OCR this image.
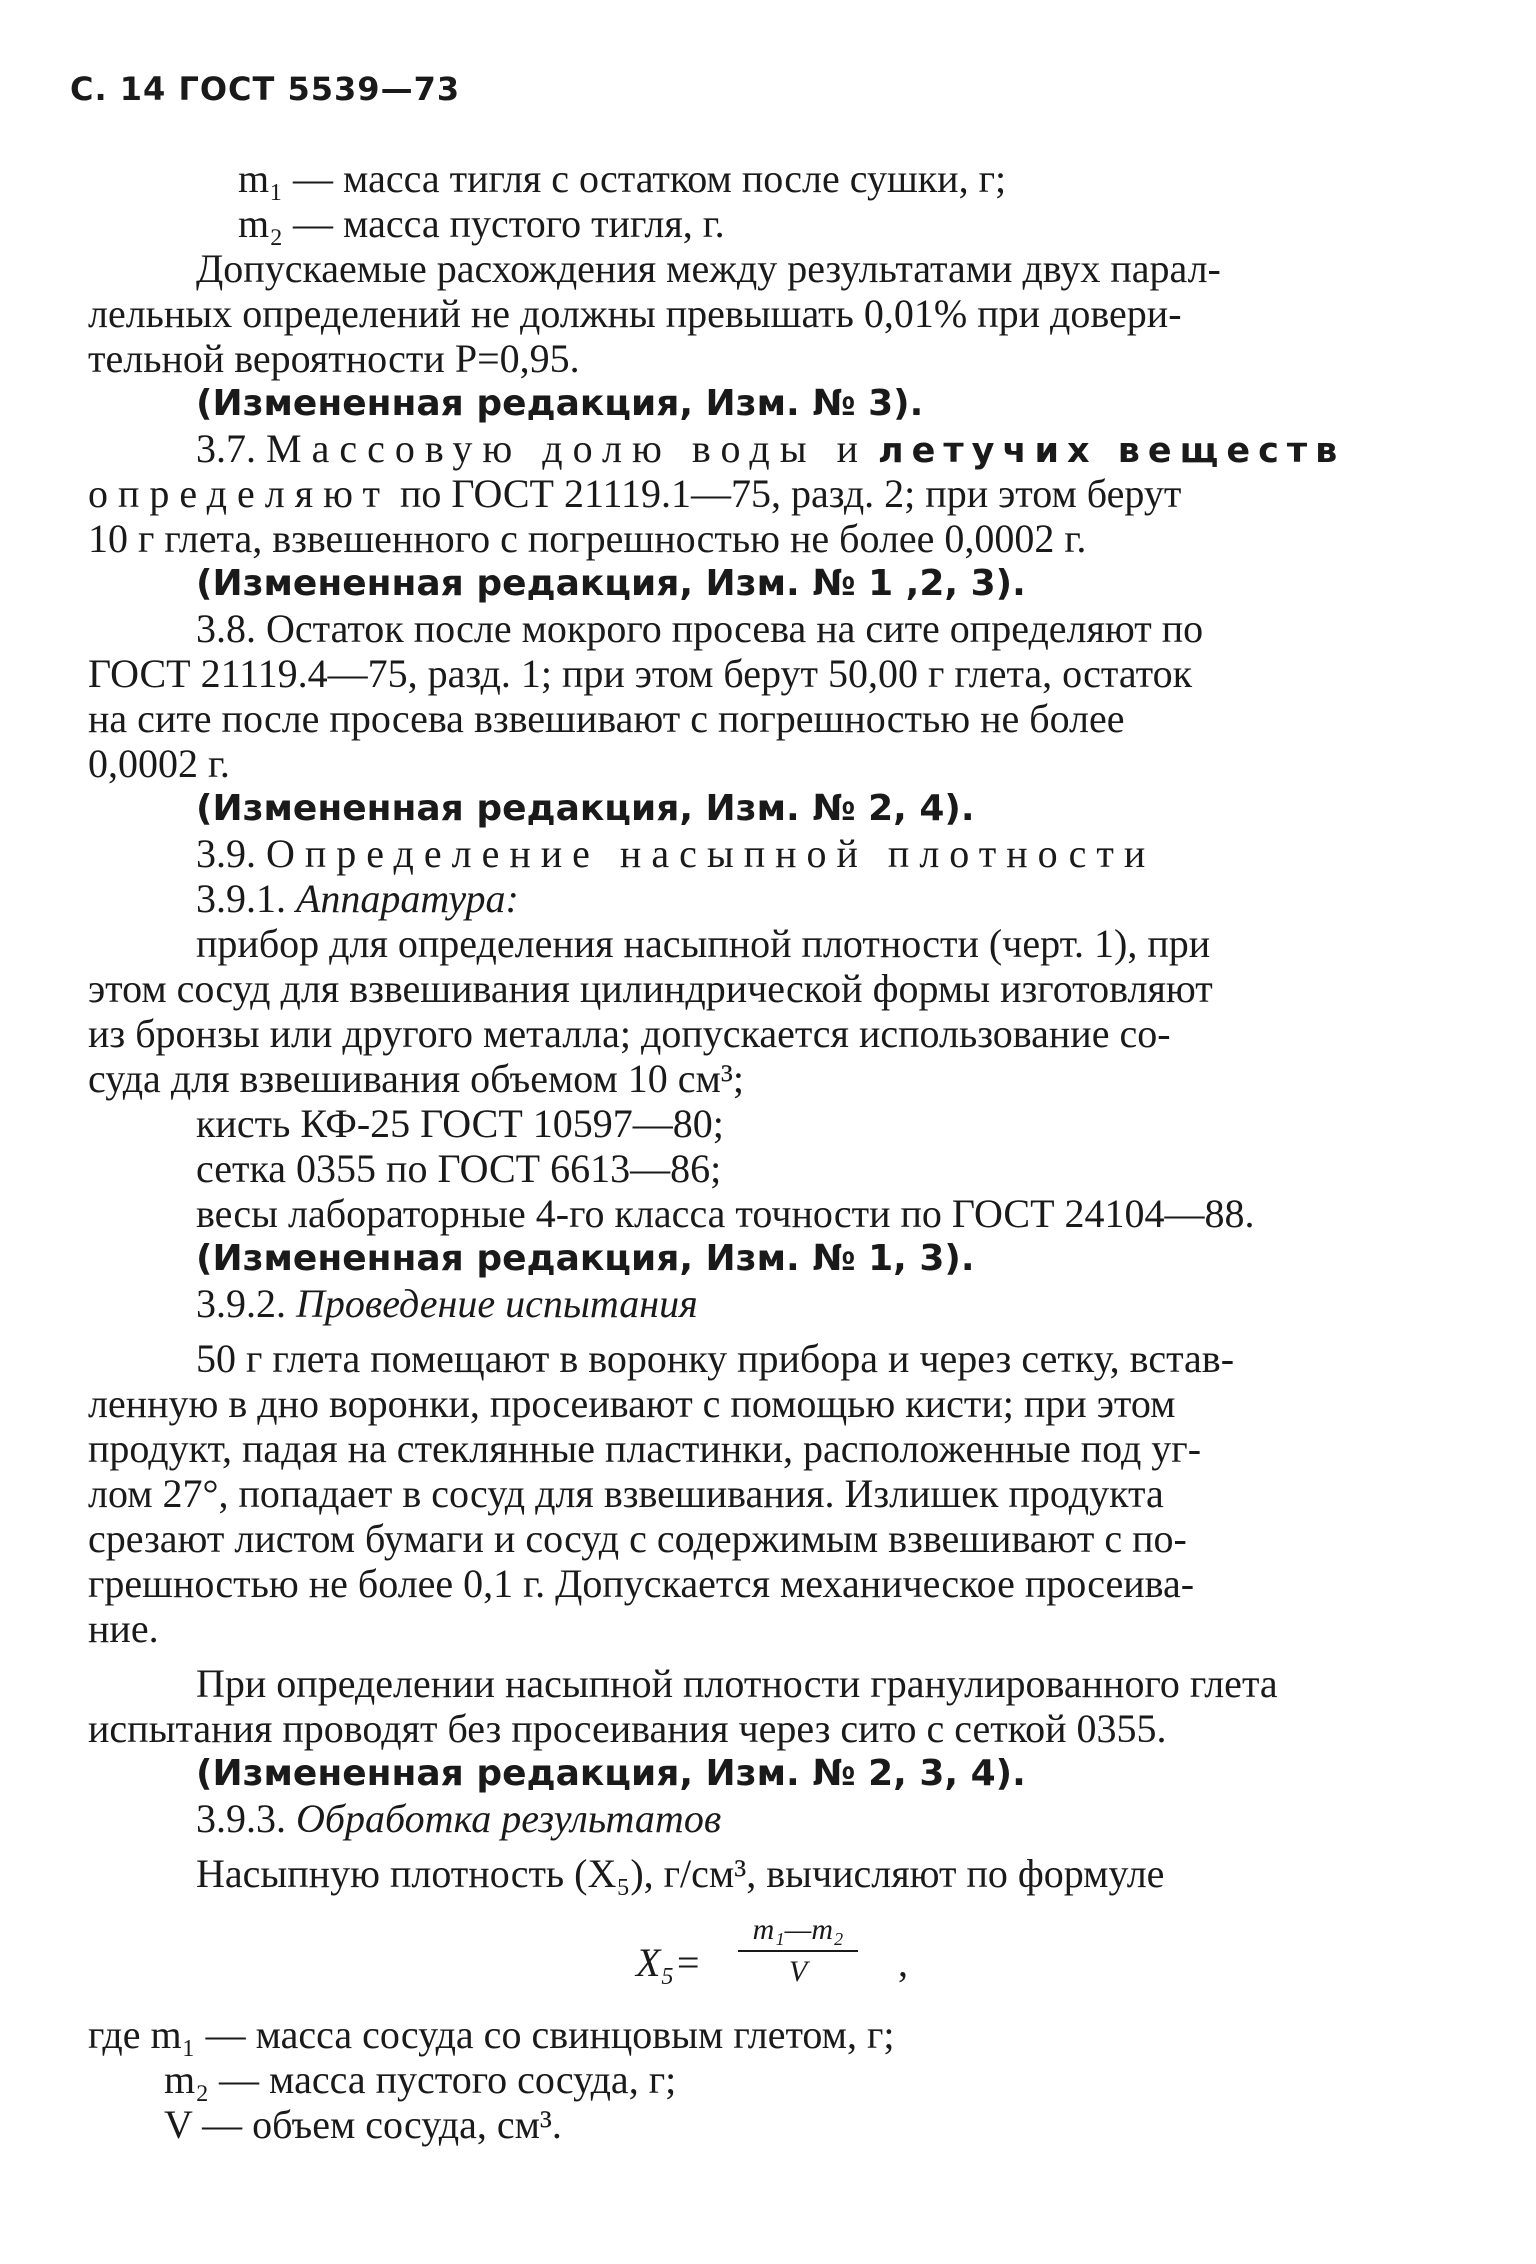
С. 14 ГОСТ 5539—73
m₁ — масса тигля с остатком после сушки, г;
m₂ — масса пустого тигля, г.
Допускаемые расхождения между результатами двух парал-
лельных определений не должны превышать 0,01% при довери-
тельной вероятности P=0,95.
(Измененная редакция, Изм. № 3).
3.7. Массовую долю воды и летучих веществ
определяют по ГОСТ 21119.1—75, разд. 2; при этом берут
10 г глета, взвешенного с погрешностью не более 0,0002 г.
(Измененная редакция, Изм. № 1 ,2, 3).
3.8. Остаток после мокрого просева на сите определяют по
ГОСТ 21119.4—75, разд. 1; при этом берут 50,00 г глета, остаток
на сите после просева взвешивают с погрешностью не более
0,0002 г.
(Измененная редакция, Изм. № 2, 4).
3.9. Определение насыпной плотности
3.9.1. Аппаратура:
прибор для определения насыпной плотности (черт. 1), при
этом сосуд для взвешивания цилиндрической формы изготовляют
из бронзы или другого металла; допускается использование со-
суда для взвешивания объемом 10 см³;
кисть КФ-25 ГОСТ 10597—80;
сетка 0355 по ГОСТ 6613—86;
весы лабораторные 4-го класса точности по ГОСТ 24104—88.
(Измененная редакция, Изм. № 1, 3).
3.9.2. Проведение испытания
50 г глета помещают в воронку прибора и через сетку, встав-
ленную в дно воронки, просеивают с помощью кисти; при этом
продукт, падая на стеклянные пластинки, расположенные под уг-
лом 27°, попадает в сосуд для взвешивания. Излишек продукта
срезают листом бумаги и сосуд с содержимым взвешивают с по-
грешностью не более 0,1 г. Допускается механическое просеива-
ние.
При определении насыпной плотности гранулированного глета
испытания проводят без просеивания через сито с сеткой 0355.
(Измененная редакция, Изм. № 2, 3, 4).
3.9.3. Обработка результатов
Насыпную плотность (X₅), г/см³, вычисляют по формуле
X₅=
m₁—m₂
V	,
где m₁ — масса сосуда со свинцовым глетом, г;
m₂ — масса пустого сосуда, г;
V — объем сосуда, см³.
